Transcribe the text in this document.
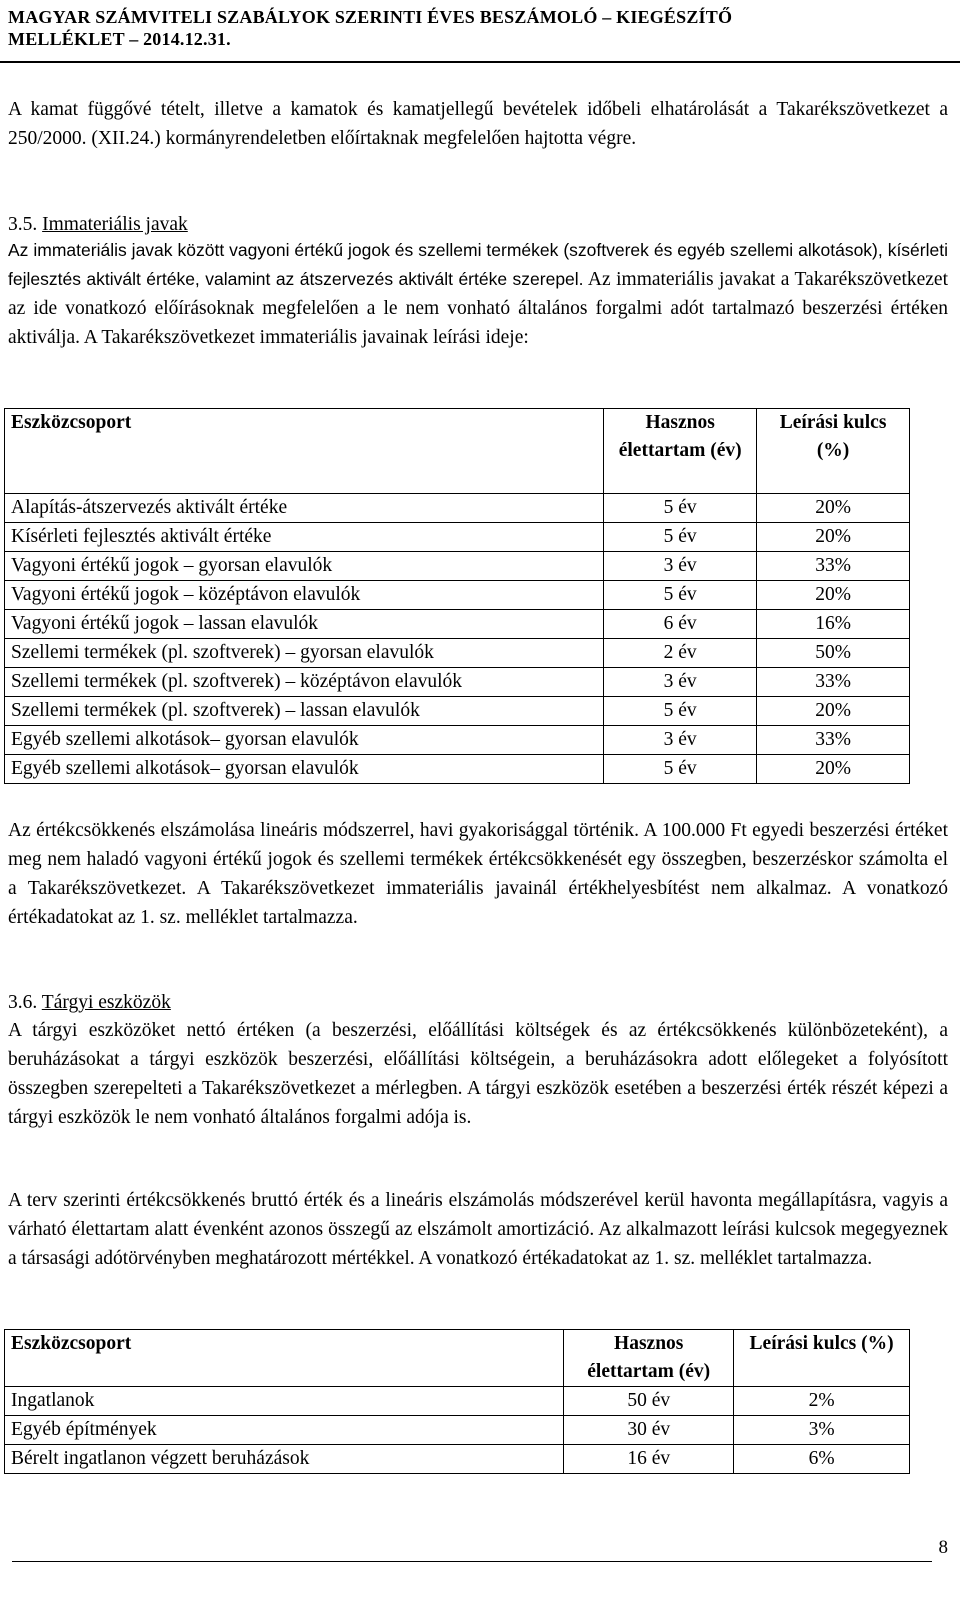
MAGYAR SZÁMVITELI SZABÁLYOK SZERINTI ÉVES BESZÁMOLÓ – KIEGÉSZÍTŐ
MELLÉKLET – 2014.12.31.
A kamat függővé tételt, illetve a kamatok és kamatjellegű bevételek időbeli elhatárolását a Takarékszövetkezet a 250/2000. (XII.24.) kormányrendeletben előírtaknak megfelelően hajtotta végre.
3.5. Immateriális javak
Az immateriális javak között vagyoni értékű jogok és szellemi termékek (szoftverek és egyéb szellemi alkotások), kísérleti fejlesztés aktivált értéke, valamint az átszervezés aktivált értéke szerepel. Az immateriális javakat a Takarékszövetkezet az ide vonatkozó előírásoknak megfelelően a le nem vonható általános forgalmi adót tartalmazó beszerzési értéken aktiválja. A Takarékszövetkezet immateriális javainak leírási ideje:
Eszközcsoport	Hasznos élettartam (év)	Leírási kulcs (%)
Alapítás-átszervezés aktivált értéke	5 év	20%
Kísérleti fejlesztés aktivált értéke	5 év	20%
Vagyoni értékű jogok – gyorsan elavulók	3 év	33%
Vagyoni értékű jogok – középtávon elavulók	5 év	20%
Vagyoni értékű jogok – lassan elavulók	6 év	16%
Szellemi termékek (pl. szoftverek) – gyorsan elavulók	2 év	50%
Szellemi termékek (pl. szoftverek) – középtávon elavulók	3 év	33%
Szellemi termékek (pl. szoftverek) – lassan elavulók	5 év	20%
Egyéb szellemi alkotások– gyorsan elavulók	3 év	33%
Egyéb szellemi alkotások– gyorsan elavulók	5 év	20%
Az értékcsökkenés elszámolása lineáris módszerrel, havi gyakorisággal történik. A 100.000 Ft egyedi beszerzési értéket meg nem haladó vagyoni értékű jogok és szellemi termékek értékcsökkenését egy összegben, beszerzéskor számolta el a Takarékszövetkezet. A Takarékszövetkezet immateriális javainál értékhelyesbítést nem alkalmaz. A vonatkozó értékadatokat az 1. sz. melléklet tartalmazza.
3.6. Tárgyi eszközök
A tárgyi eszközöket nettó értéken (a beszerzési, előállítási költségek és az értékcsökkenés különbözeteként), a beruházásokat a tárgyi eszközök beszerzési, előállítási költségein, a beruházásokra adott előlegeket a folyósított összegben szerepelteti a Takarékszövetkezet a mérlegben. A tárgyi eszközök esetében a beszerzési érték részét képezi a tárgyi eszközök le nem vonható általános forgalmi adója is.
A terv szerinti értékcsökkenés bruttó érték és a lineáris elszámolás módszerével kerül havonta megállapításra, vagyis a várható élettartam alatt évenként azonos összegű az elszámolt amortizáció. Az alkalmazott leírási kulcsok megegyeznek a társasági adótörvényben meghatározott mértékkel. A vonatkozó értékadatokat az 1. sz. melléklet tartalmazza.
Eszközcsoport	Hasznos élettartam (év)	Leírási kulcs (%)
Ingatlanok	50 év	2%
Egyéb építmények	30 év	3%
Bérelt ingatlanon végzett beruházások	16 év	6%
8
